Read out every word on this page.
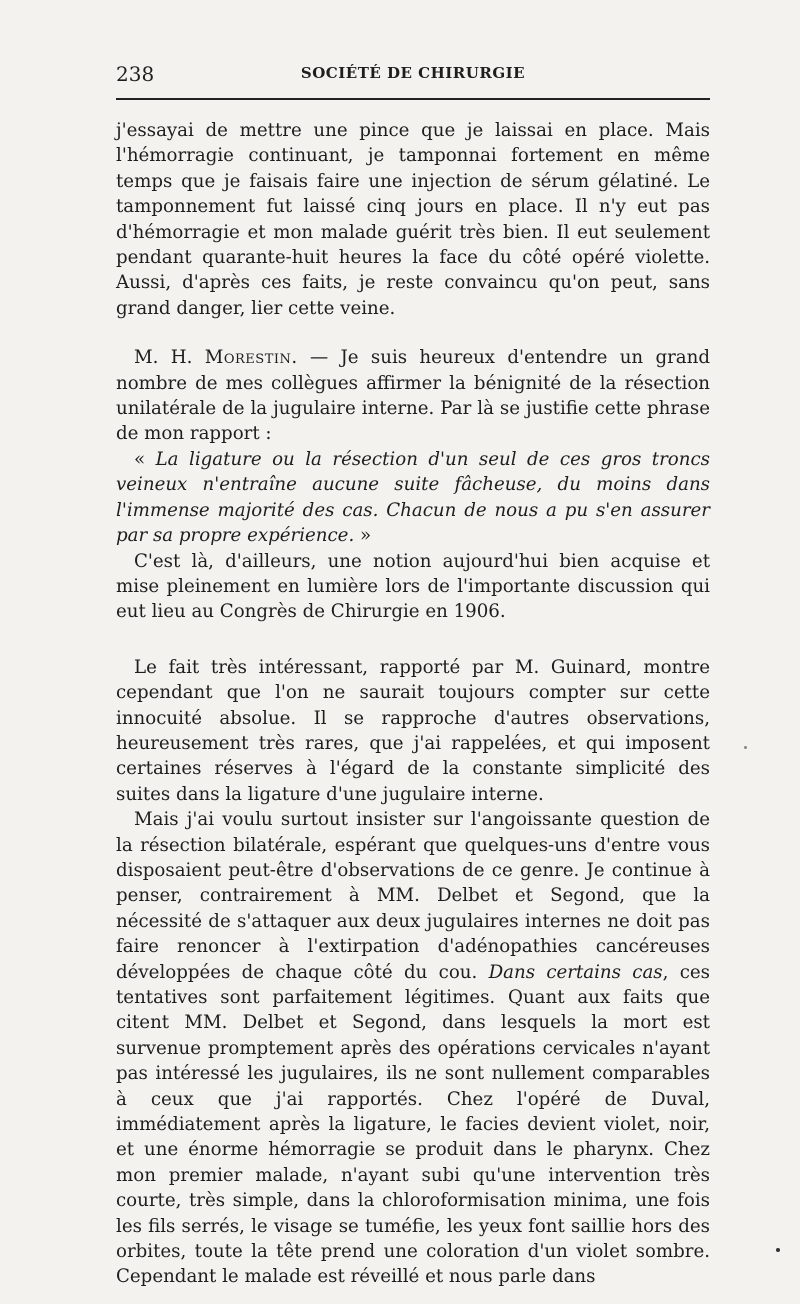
238	SOCIÉTÉ DE CHIRURGIE

j'essayai de mettre une pince que je laissai en place. Mais l'hémorragie continuant, je tamponnai fortement en même temps que je faisais faire une injection de sérum gélatiné. Le tamponnement fut laissé cinq jours en place. Il n'y eut pas d'hémorragie et mon malade guérit très bien. Il eut seulement pendant quarante-huit heures la face du côté opéré violette. Aussi, d'après ces faits, je reste convaincu qu'on peut, sans grand danger, lier cette veine.

M. H. Morestin. — Je suis heureux d'entendre un grand nombre de mes collègues affirmer la bénignité de la résection unilatérale de la jugulaire interne. Par là se justifie cette phrase de mon rapport :

« La ligature ou la résection d'un seul de ces gros troncs veineux n'entraîne aucune suite fâcheuse, du moins dans l'immense majorité des cas. Chacun de nous a pu s'en assurer par sa propre expérience. »

C'est là, d'ailleurs, une notion aujourd'hui bien acquise et mise pleinement en lumière lors de l'importante discussion qui eut lieu au Congrès de Chirurgie en 1906.

Le fait très intéressant, rapporté par M. Guinard, montre cependant que l'on ne saurait toujours compter sur cette innocuité absolue. Il se rapproche d'autres observations, heureusement très rares, que j'ai rappelées, et qui imposent certaines réserves à l'égard de la constante simplicité des suites dans la ligature d'une jugulaire interne.

Mais j'ai voulu surtout insister sur l'angoissante question de la résection bilatérale, espérant que quelques-uns d'entre vous disposaient peut-être d'observations de ce genre. Je continue à penser, contrairement à MM. Delbet et Segond, que la nécessité de s'attaquer aux deux jugulaires internes ne doit pas faire renoncer à l'extirpation d'adénopathies cancéreuses développées de chaque côté du cou. Dans certains cas, ces tentatives sont parfaitement légitimes. Quant aux faits que citent MM. Delbet et Segond, dans lesquels la mort est survenue promptement après des opérations cervicales n'ayant pas intéressé les jugulaires, ils ne sont nullement comparables à ceux que j'ai rapportés. Chez l'opéré de Duval, immédiatement après la ligature, le facies devient violet, noir, et une énorme hémorragie se produit dans le pharynx. Chez mon premier malade, n'ayant subi qu'une intervention très courte, très simple, dans la chloroformisation minima, une fois les fils serrés, le visage se tuméfie, les yeux font saillie hors des orbites, toute la tête prend une coloration d'un violet sombre. Cependant le malade est réveillé et nous parle dans
